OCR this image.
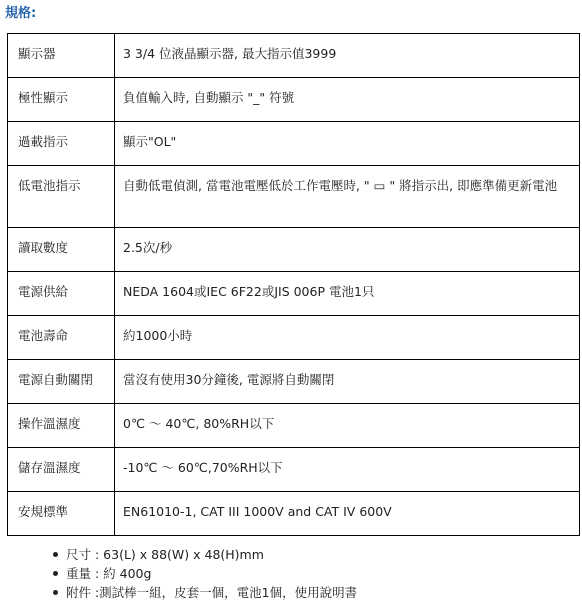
規格:
顯示器	3 3/4 位液晶顯示器, 最大指示值3999
極性顯示	負值輸入時, 自動顯示 "_" 符號
過載指示	顯示"OL"
低電池指示	自動低電偵測, 當電池電壓低於工作電壓時, " ▭ " 將指示出, 即應準備更新電池
讀取數度	2.5次/秒
電源供給	NEDA 1604或IEC 6F22或JIS 006P 電池1只
電池壽命	約1000小時
電源自動關閉	當沒有使用30分鐘後, 電源將自動關閉
操作溫濕度	0℃ ～ 40℃, 80%RH以下
儲存溫濕度	-10℃ ～ 60℃,70%RH以下
安規標準	EN61010-1, CAT III 1000V and CAT IV 600V
尺寸 : 63(L) x 88(W) x 48(H)mm
重量 : 約 400g
附件 :測試棒一組，皮套一個，電池1個，使用說明書
